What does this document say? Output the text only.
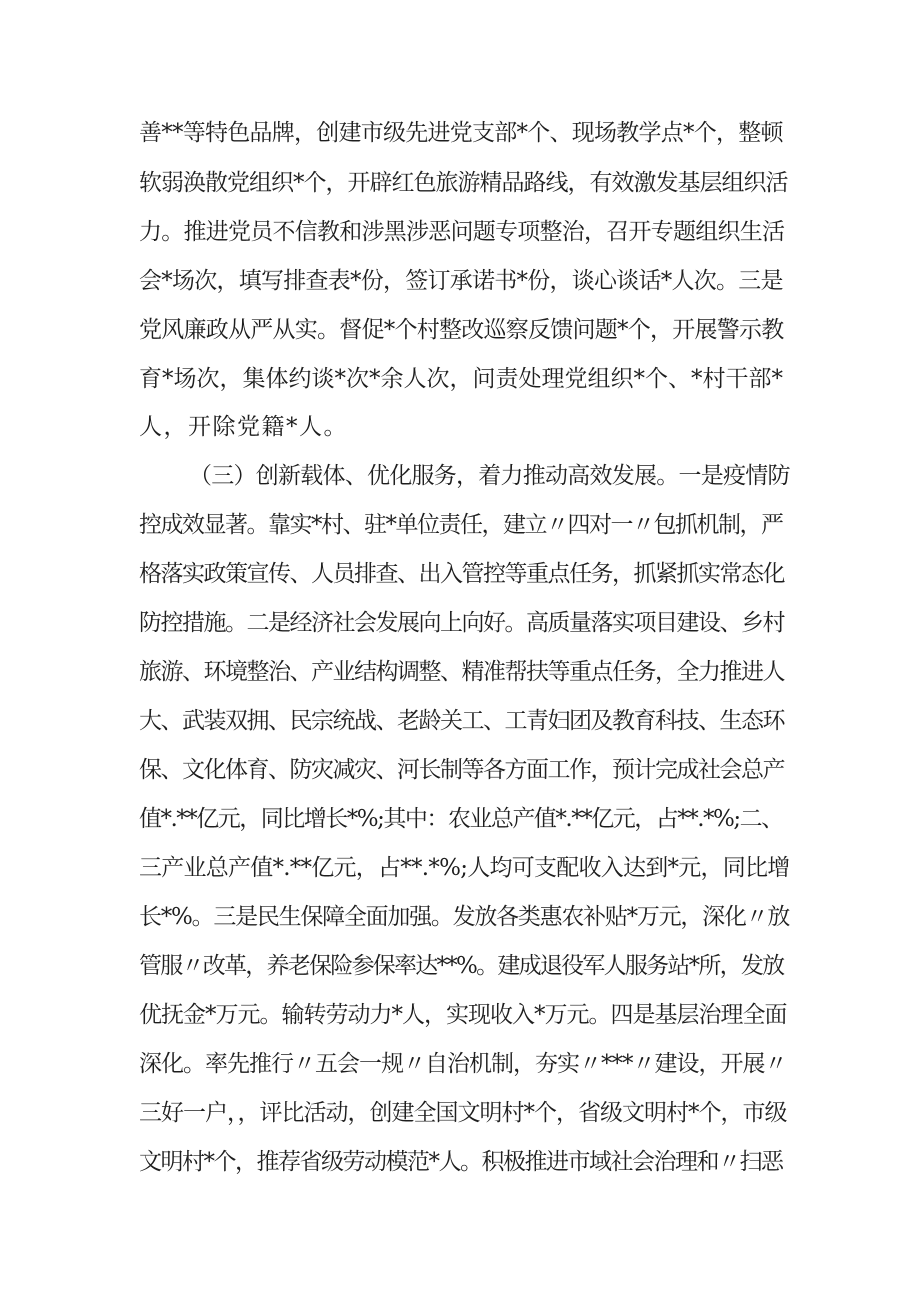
善**等特色品牌，创建市级先进党支部*个、现场教学点*个，整顿
软弱涣散党组织*个，开辟红色旅游精品路线，有效激发基层组织活
力。推进党员不信教和涉黑涉恶问题专项整治，召开专题组织生活
会*场次，填写排查表*份，签订承诺书*份，谈心谈话*人次。三是
党风廉政从严从实。督促*个村整改巡察反馈问题*个，开展警示教
育*场次，集体约谈*次*余人次，问责处理党组织*个、*村干部*
人，开除党籍*人。
（三）创新载体、优化服务，着力推动高效发展。一是疫情防
控成效显著。靠实*村、驻*单位责任，建立〃四对一〃包抓机制，严
格落实政策宣传、人员排查、出入管控等重点任务，抓紧抓实常态化
防控措施。二是经济社会发展向上向好。高质量落实项目建设、乡村
旅游、环境整治、产业结构调整、精准帮扶等重点任务，全力推进人
大、武装双拥、民宗统战、老龄关工、工青妇团及教育科技、生态环
保、文化体育、防灾减灾、河长制等各方面工作，预计完成社会总产
值*.**亿元，同比增长*%;其中：农业总产值*.**亿元，占**.*%;二、
三产业总产值*.**亿元，占**.*%;人均可支配收入达到*元，同比增
长*%。三是民生保障全面加强。发放各类惠农补贴*万元，深化〃放
管服〃改革，养老保险参保率达**%。建成退役军人服务站*所，发放
优抚金*万元。输转劳动力*人，实现收入*万元。四是基层治理全面
深化。率先推行〃五会一规〃自治机制，夯实〃***〃建设，开展〃
三好一户，，评比活动，创建全国文明村*个，省级文明村*个，市级
文明村*个，推荐省级劳动模范*人。积极推进市域社会治理和〃扫恶
